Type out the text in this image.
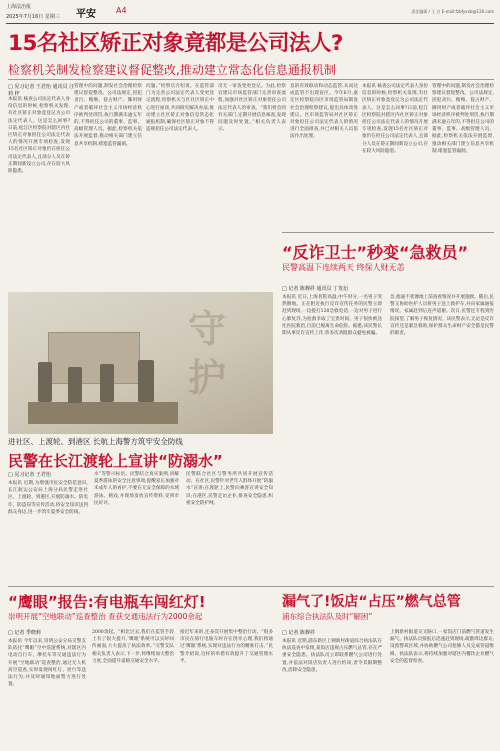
上海法治报
2025年7月16日 星期三 平安	A4	责任编辑 / 王 吉 E-mail:fzbfyxxb@126.com
15名社区矫正对象竟都是公司法人?
检察机关制发检察建议督促整改,推动建立常态化信息通报机制
□ 见习记者 王君怡 通讯员 汪 莉 梓
本报讯 核查公司法定代表人身份信息的时候,检察机关发现,有社区矫正对象竟登记为公司法定代表人。这是怎么回事?日前,松江区检察院对辖区内社区矫正对象担任公司法定代表人的情况开展专项检查,发现15名社区矫正对象仍在担任公司法定代表人,且部分人员在矫正期间新设立公司,存在较大风险隐患。
管理中的问题,制发社会治理检察建议督促整改。公司法规定,因犯贪污、贿赂、侵占财产、挪用财产或者破坏社会主义市场经济秩序被判处刑罚,执行期满未逾五年的,不得担任公司的董事、监事、高级管理人员。据此,检察机关依法开展监督,推动相关部门建立信息共享机制,堵塞监管漏洞。
问题。”检察官介绍说。在监管部门为完善公司法定代表人变更登记流程,检察机关与区社区矫正中心进行座谈,共同研究解决办法,推动建立社区矫正对象信息常态化通报机制,确保社区矫正对象不得违规担任公司法定代表人。
司无一审查变更登记。为此,检察官建议市场监管部门完善审查流程,加强对社区矫正对象担任公司法定代表人的审查。“我们将会同有关部门,定期开展信息核查,发现问题及时处置。”相关负责人表示。
息的有效联动和动态监管,从而达成监管不出现盲区。今年6月,嘉定区检察院向区市场监管局制发社会治理检察建议,提出具体改进建议。区市场监管局对社区矫正对象担任公司法定代表人的情况进行全面排查,并已对相关人员依法作出处理。
本报讯 核查公司法定代表人身份信息的时候,检察机关发现,有社区矫正对象竟登记为公司法定代表人。这是怎么回事?日前,松江区检察院对辖区内社区矫正对象担任公司法定代表人的情况开展专项检查,发现15名社区矫正对象仍在担任公司法定代表人,且部分人员在矫正期间新设立公司,存在较大风险隐患。
管理中的问题,制发社会治理检察建议督促整改。公司法规定,因犯贪污、贿赂、侵占财产、挪用财产或者破坏社会主义市场经济秩序被判处刑罚,执行期满未逾五年的,不得担任公司的董事、监事、高级管理人员。据此,检察机关依法开展监督,推动相关部门建立信息共享机制,堵塞监管漏洞。
“反诈卫士”秒变“急救员”
民警高温下连续两天 终保人财无恙
□ 记者 陈穆祥 通讯员 丁发衍
本报讯 近日,上海普陀高温,中午时分,一名男子突然倒地。正在附近执行反诈宣传任务的民警立即赶到现场,一边拨打120急救电话,一边对男子进行心肺复苏,为抢救争取了宝贵时间。男子很快被送往医院救治,目前已脱离生命危险。据悉,该民警长期从事反诈宣传工作,曾多次劝阻群众避免被骗。
急,他毫不犹豫地上前查看情况并开展施救。随后,民警又协助医护人员将男子送上救护车,并向家属通报情况。家属赶到后连声道谢。次日,民警还专程到医院探望,了解男子恢复情况。该民警表示,无论是反诈宣传还是紧急救助,保护群众生命财产安全都是民警的职责。
守
护
进社区、上渡轮、到港区 长航上海警方筑牢安全防线
民警在长江渡轮上宣讲“防溺水”
□ 见习记者 王君怡
本报讯 近期,为增强市民安全防范意识,长江航运公安局上海分局民警走进社区、上渡轮、到港区,开展防溺水、防电诈、防盗窃等宣传活动,将安全知识送到群众身边,进一步筑牢夏季安全防线。
水”等警示标语。民警结合真实案例,讲解夏季游泳的安全注意事项,提醒家长加强对未成年人的看护,不要在无安全保障的水域游泳、嬉戏,并现场发放宣传资料,受到市民好评。
民警联合社区与警务所共同开展宣传活动。在社区,民警针对老年人群体开展“防溺水”宣讲;在渡轮上,民警向乘客宣讲安全知识;在港区,民警走访企业,排查安全隐患,织密安全防护网。
“鹰眼”报告:有电瓶车闯红灯!
崇明开展“空地联动”巡查整治 查获交通违法行为2000余起
□ 记者 季晓莉
本报讯 今年以来,崇明公安分局交警支队依托“鹰眼”空中巡逻系统,对辖区内电动自行车、摩托车等交通违法行为开展“空地联动”巡查整治,通过无人机高空巡查,实时发现闯红灯、逆行等违法行为,并及时通知地面警力进行处置。
2000余起。“相比过去,我们在监管手段上有了很大提升,‘鹰眼’系统可以实时回传画面,大大提高了执法效率。”交警支队相关负责人表示,下一步,将继续加大整治力度,全面提升道路交通安全水平。
接近年来的,还多次开展集中整治行动。“很多市民在骑行电瓶车时存在侥幸心理,我们将通过‘鹰眼’系统,实现对违法行为的精准打击。”民警介绍说,这样的举措有效提升了交通管理水平。
漏气了!饭店“占压”燃气总管
浦东综合执法队及时“解困”
□ 记者 陈穆祥
本报讯 近期,浦东新区上钢新村街道综合执法队在执法巡查中发现,某饭店违规占压燃气总管,存在严重安全隐患。执法队员立即联系燃气公司进行处置,并依法对饭店负责人进行约谈,责令其限期整改,消除安全隐患。
上钢新村街道交叉路口,一家饭店门前燃气管道发生漏气。执法队员接报后迅速赶到现场,疏散周边群众,设置警戒区域,并协助燃气公司抢修人员完成管道维修。执法队表示,将持续加强对辖区内餐饮企业燃气安全的监督检查。
